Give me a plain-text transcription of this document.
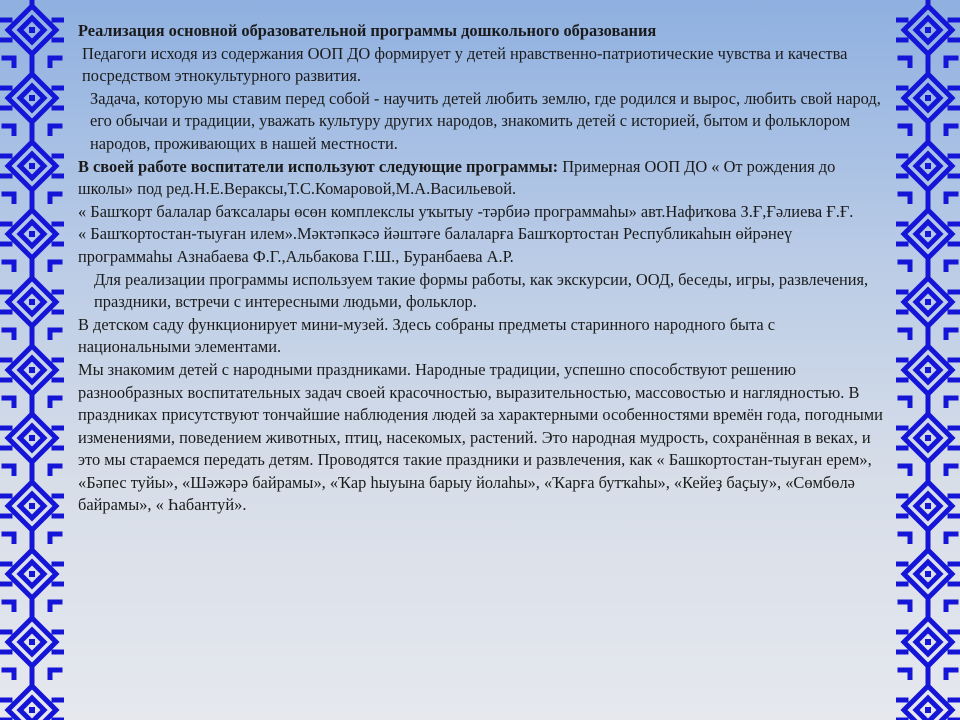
Реализация основной образовательной программы дошкольного образования

Педагоги исходя из содержания ООП ДО формирует у детей нравственно-патриотические чувства и качества посредством этнокультурного развития.

Задача, которую мы ставим перед собой - научить детей любить землю, где родился и вырос, любить свой народ, его обычаи и традиции, уважать культуру других народов, знакомить детей с историей, бытом и фольклором народов, проживающих в нашей местности.

В своей работе воспитатели используют следующие программы: Примерная ООП ДО « От рождения до школы» под ред.Н.Е.Вераксы,Т.С.Комаровой,М.А.Васильевой.

« Башҡорт балалар баҡсалары өсөн комплекслы уҡытыу -тәрбиә программаһы» авт.Нафиҡова З.Ғ,Ғәлиева Ғ.Ғ.

« Башҡортостан-тыуған илем».Мәктәпкәсә йәштәге балаларға Башҡортостан Республикаһын өйрәнеү программаһы Азнабаева Ф.Г.,Альбакова Г.Ш., Буранбаева А.Р.

Для реализации программы используем такие формы работы, как экскурсии, ООД, беседы, игры, развлечения, праздники, встречи с интересными людьми, фольклор.

В детском саду функционирует мини-музей. Здесь собраны предметы старинного народного быта с национальными элементами.

Мы знакомим детей с народными праздниками. Народные традиции, успешно способствуют решению разнообразных воспитательных задач своей красочностью, выразительностью, массовостью и наглядностью. В праздниках присутствуют тончайшие наблюдения людей за характерными особенностями времён года, погодными изменениями, поведением животных, птиц, насекомых, растений. Это народная мудрость, сохранённая в веках, и это мы стараемся передать детям. Проводятся такие праздники и развлечения, как « Башкортостан-тыуған ерем», «Бәпес туйы», «Шәжәрә байрамы», «Ҡар һыуына барыу йолаһы», «Ҡарға бутҡаһы», «Кейеҙ баҫыу», «Сөмбөлә байрамы», « Һабантуй».
